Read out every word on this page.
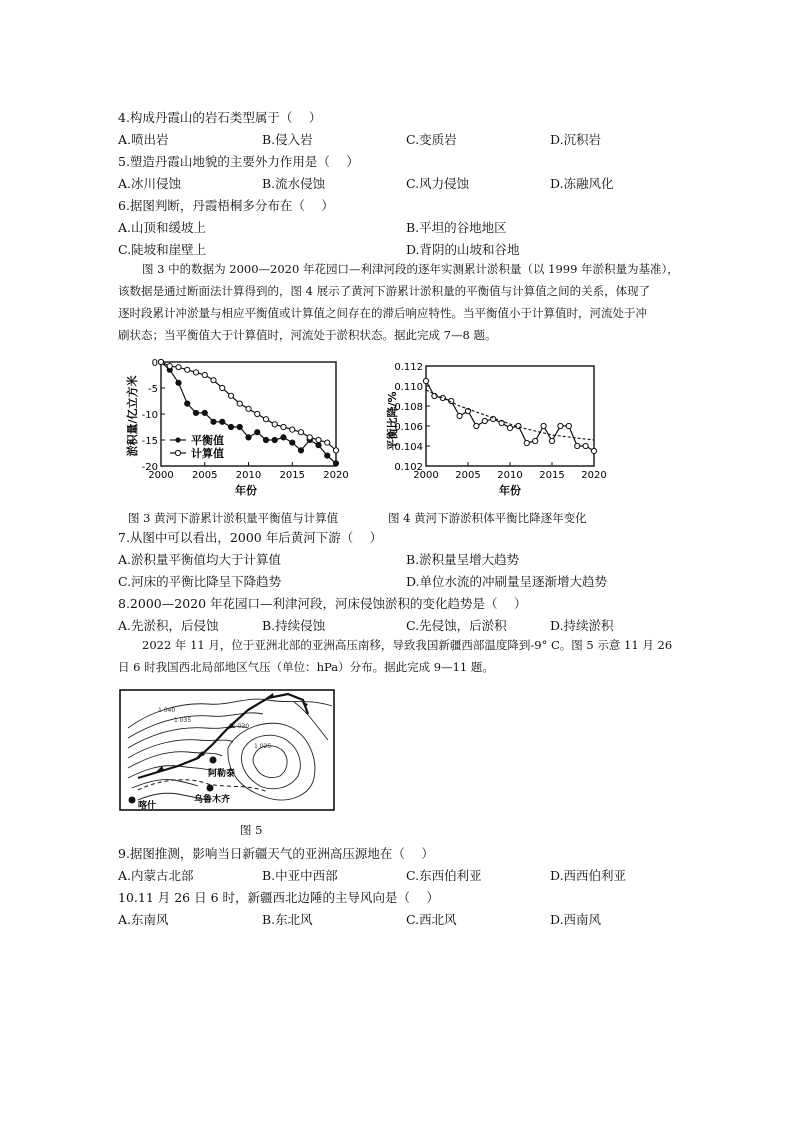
4.构成丹霞山的岩石类型属于（　 ）
A.喷出岩	B.侵入岩	C.变质岩	D.沉积岩
5.塑造丹霞山地貌的主要外力作用是（　 ）
A.冰川侵蚀	B.流水侵蚀	C.风力侵蚀	D.冻融风化
6.据图判断，丹霞梧桐多分布在（　 ）
A.山顶和缓坡上	B.平坦的谷地地区
C.陡坡和崖壁上	D.背阴的山坡和谷地

图 3 中的数据为 2000—2020 年花园口—利津河段的逐年实测累计淤积量（以 1999 年淤积量为基准），

该数据是通过断面法计算得到的，图 4 展示了黄河下游累计淤积量的平衡值与计算值之间的关系，体现了

逐时段累计冲淤量与相应平衡值或计算值之间存在的滞后响应特性。当平衡值小于计算值时，河流处于冲

刷状态；当平衡值大于计算值时，河流处于淤积状态。据此完成 7—8 题。

淤积量/亿立方米
0
-5
-10
-15
-20
2000 2005 2010 2015 2020
平衡值
计算值
年份
图 3 黄河下游累计淤积量平衡值与计算值
平衡比降/%
0.112
0.110
0.108
0.106
0.104
0.102
2000 2005 2010 2015 2020
年份
图 4 黄河下游淤积体平衡比降逐年变化
7.从图中可以看出，2000 年后黄河下游（　 ）
A.淤积量平衡值均大于计算值	B.淤积量呈增大趋势
C.河床的平衡比降呈下降趋势	D.单位水流的冲刷量呈逐渐增大趋势
8.2000—2020 年花园口—利津河段，河床侵蚀淤积的变化趋势是（　 ）
A.先淤积，后侵蚀	B.持续侵蚀	C.先侵蚀，后淤积	D.持续淤积

2022 年 11 月，位于亚洲北部的亚洲高压南移，导致我国新疆西部温度降到-9° C。图 5 示意 11 月 26

日 6 时我国西北局部地区气压（单位：hPa）分布。据此完成 9—11 题。

1 040
1 035
1 030
1 025
阿勒泰
乌鲁木齐
喀什
图 5
9.据图推测，影响当日新疆天气的亚洲高压源地在（　 ）
A.内蒙古北部	B.中亚中西部	C.东西伯利亚	D.西西伯利亚
10.11 月 26 日 6 时，新疆西北边陲的主导风向是（　 ）
A.东南风	B.东北风	C.西北风	D.西南风
